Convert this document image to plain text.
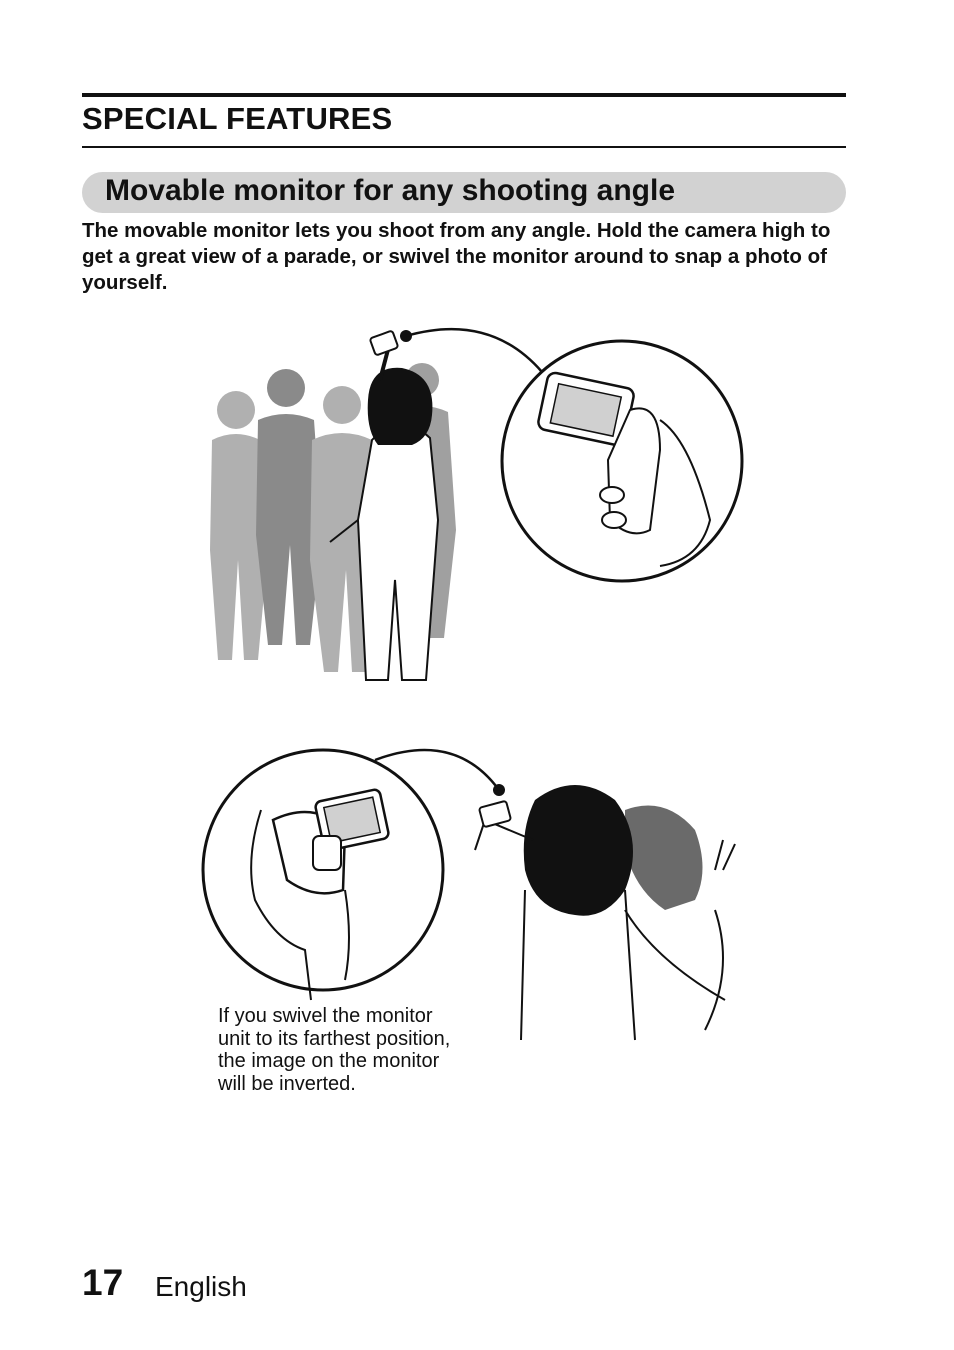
SPECIAL FEATURES
Movable monitor for any shooting angle
The movable monitor lets you shoot from any angle. Hold the camera high to get a great view of a parade, or swivel the monitor around to snap a photo of yourself.
If you swivel the monitor unit to its farthest position, the image on the monitor will be inverted.
17 English
